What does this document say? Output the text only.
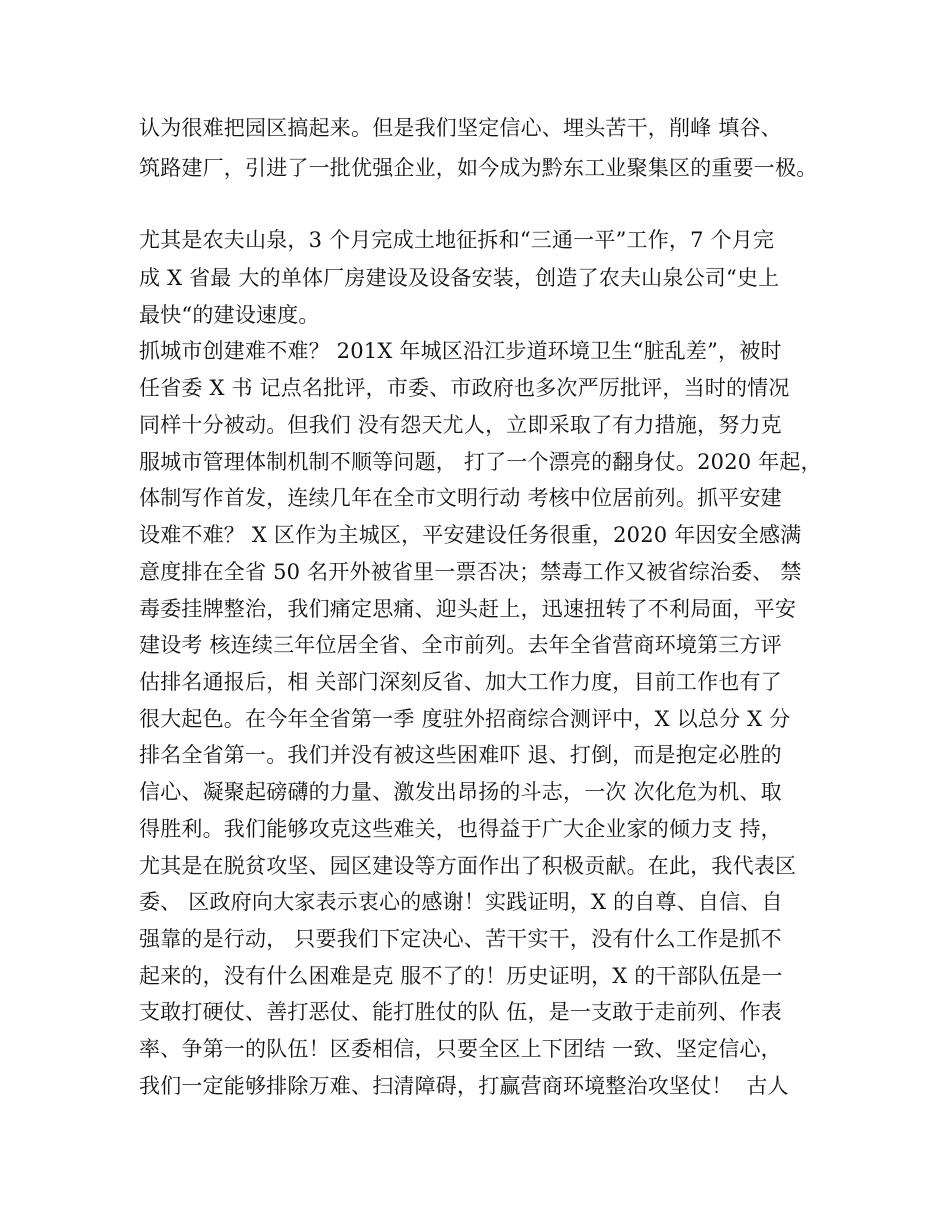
认为很难把园区搞起来。但是我们坚定信心、埋头苦干，削峰 填谷、
筑路建厂，引进了一批优强企业，如今成为黔东工业聚集区的重要一极。
尤其是农夫山泉，3 个月完成土地征拆和“三通一平”工作，7 个月完
成 X 省最 大的单体厂房建设及设备安装，创造了农夫山泉公司“史上
最快“的建设速度。
抓城市创建难不难？ 201X 年城区沿江步道环境卫生“脏乱差”，被时
任省委 X 书 记点名批评，市委、市政府也多次严厉批评，当时的情况
同样十分被动。但我们 没有怨天尤人，立即采取了有力措施，努力克
服城市管理体制机制不顺等问题， 打了一个漂亮的翻身仗。2020 年起，
体制写作首发，连续几年在全市文明行动 考核中位居前列。抓平安建
设难不难？ X 区作为主城区，平安建设任务很重，2020 年因安全感满
意度排在全省 50 名开外被省里一票否决；禁毒工作又被省综治委、 禁
毒委挂牌整治，我们痛定思痛、迎头赶上，迅速扭转了不利局面，平安
建设考 核连续三年位居全省、全市前列。去年全省营商环境第三方评
估排名通报后，相 关部门深刻反省、加大工作力度，目前工作也有了
很大起色。在今年全省第一季 度驻外招商综合测评中，X 以总分 X 分
排名全省第一。我们并没有被这些困难吓 退、打倒，而是抱定必胜的
信心、凝聚起磅礴的力量、激发出昂扬的斗志，一次 次化危为机、取
得胜利。我们能够攻克这些难关，也得益于广大企业家的倾力支 持，
尤其是在脱贫攻坚、园区建设等方面作出了积极贡献。在此，我代表区
委、 区政府向大家表示衷心的感谢！实践证明，X 的自尊、自信、自
强靠的是行动， 只要我们下定决心、苦干实干，没有什么工作是抓不
起来的，没有什么困难是克 服不了的！历史证明，X 的干部队伍是一
支敢打硬仗、善打恶仗、能打胜仗的队 伍，是一支敢于走前列、作表
率、争第一的队伍！区委相信，只要全区上下团结 一致、坚定信心，
我们一定能够排除万难、扫清障碍，打赢营商环境整治攻坚仗！  古人
